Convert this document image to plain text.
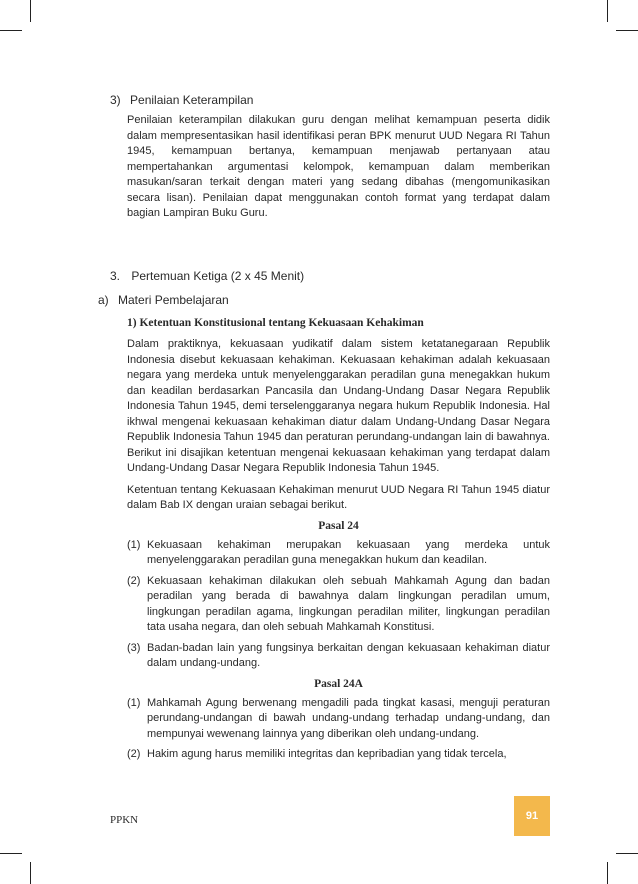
3) Penilaian Keterampilan

Penilaian keterampilan dilakukan guru dengan melihat kemampuan peserta didik dalam mempresentasikan hasil identifikasi peran BPK menurut UUD Negara RI Tahun 1945, kemampuan bertanya, kemampuan menjawab pertanyaan atau mempertahankan argumentasi kelompok, kemampuan dalam memberikan masukan/saran terkait dengan materi yang sedang dibahas (mengomunikasikan secara lisan). Penilaian dapat menggunakan contoh format yang terdapat dalam bagian Lampiran Buku Guru.

3. Pertemuan Ketiga (2 x 45 Menit)
a) Materi Pembelajaran
1) Ketentuan Konstitusional tentang Kekuasaan Kehakiman

Dalam praktiknya, kekuasaan yudikatif dalam sistem ketatanegaraan Republik Indonesia disebut kekuasaan kehakiman. Kekuasaan kehakiman adalah kekuasaan negara yang merdeka untuk menyelenggarakan peradilan guna menegakkan hukum dan keadilan berdasarkan Pancasila dan Undang-Undang Dasar Negara Republik Indonesia Tahun 1945, demi terselenggaranya negara hukum Republik Indonesia. Hal ikhwal mengenai kekuasaan kehakiman diatur dalam Undang-Undang Dasar Negara Republik Indonesia Tahun 1945 dan peraturan perundang-undangan lain di bawahnya. Berikut ini disajikan ketentuan mengenai kekuasaan kehakiman yang terdapat dalam Undang-Undang Dasar Negara Republik Indonesia Tahun 1945.

Ketentuan tentang Kekuasaan Kehakiman menurut UUD Negara RI Tahun 1945 diatur dalam Bab IX dengan uraian sebagai berikut.

Pasal 24
(1) Kekuasaan kehakiman merupakan kekuasaan yang merdeka untuk menyelenggarakan peradilan guna menegakkan hukum dan keadilan.
(2) Kekuasaan kehakiman dilakukan oleh sebuah Mahkamah Agung dan badan peradilan yang berada di bawahnya dalam lingkungan peradilan umum, lingkungan peradilan agama, lingkungan peradilan militer, lingkungan peradilan tata usaha negara, dan oleh sebuah Mahkamah Konstitusi.
(3) Badan-badan lain yang fungsinya berkaitan dengan kekuasaan kehakiman diatur dalam undang-undang.
Pasal 24A
(1) Mahkamah Agung berwenang mengadili pada tingkat kasasi, menguji peraturan perundang-undangan di bawah undang-undang terhadap undang-undang, dan mempunyai wewenang lainnya yang diberikan oleh undang-undang.
(2) Hakim agung harus memiliki integritas dan kepribadian yang tidak tercela,
PPKN	91
